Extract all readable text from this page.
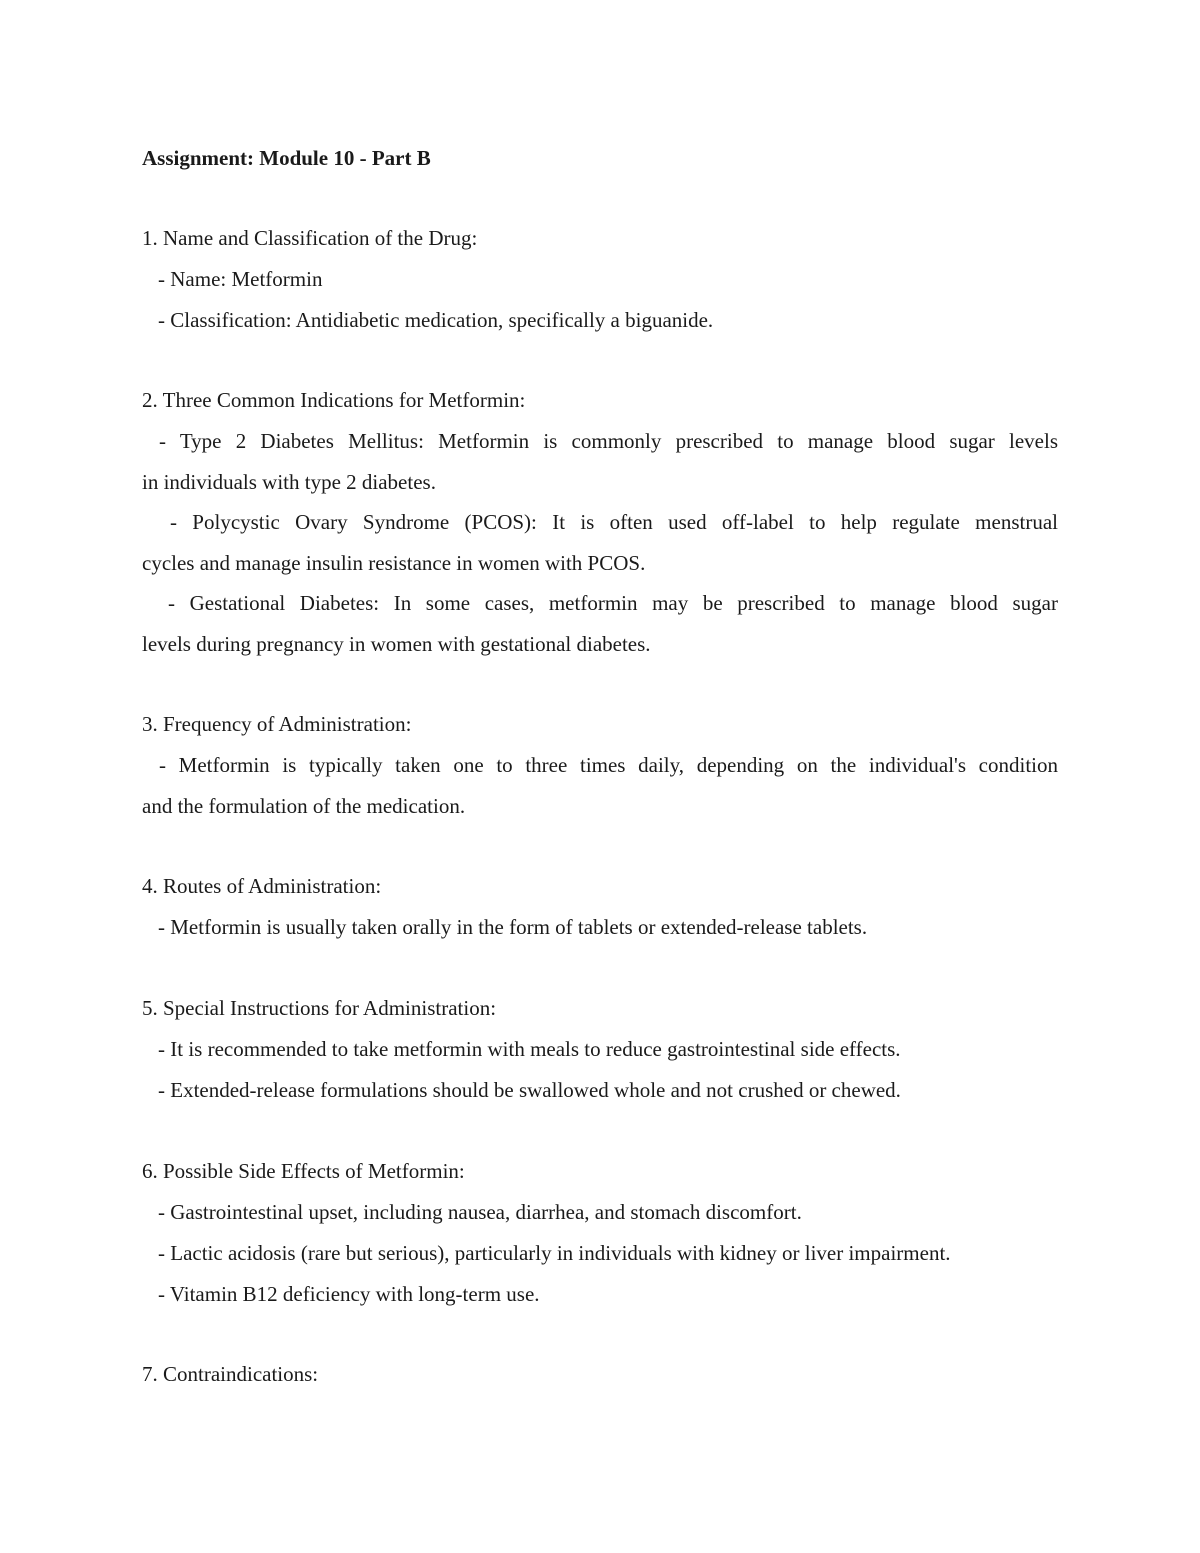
Assignment: Module 10 - Part B
1. Name and Classification of the Drug:
- Name: Metformin
- Classification: Antidiabetic medication, specifically a biguanide.
2. Three Common Indications for Metformin:
- Type 2 Diabetes Mellitus: Metformin is commonly prescribed to manage blood sugar levels
in individuals with type 2 diabetes.
- Polycystic Ovary Syndrome (PCOS): It is often used off-label to help regulate menstrual
cycles and manage insulin resistance in women with PCOS.
- Gestational Diabetes: In some cases, metformin may be prescribed to manage blood sugar
levels during pregnancy in women with gestational diabetes.
3. Frequency of Administration:
- Metformin is typically taken one to three times daily, depending on the individual's condition
and the formulation of the medication.
4. Routes of Administration:
- Metformin is usually taken orally in the form of tablets or extended-release tablets.
5. Special Instructions for Administration:
- It is recommended to take metformin with meals to reduce gastrointestinal side effects.
- Extended-release formulations should be swallowed whole and not crushed or chewed.
6. Possible Side Effects of Metformin:
- Gastrointestinal upset, including nausea, diarrhea, and stomach discomfort.
- Lactic acidosis (rare but serious), particularly in individuals with kidney or liver impairment.
- Vitamin B12 deficiency with long-term use.
7. Contraindications:
